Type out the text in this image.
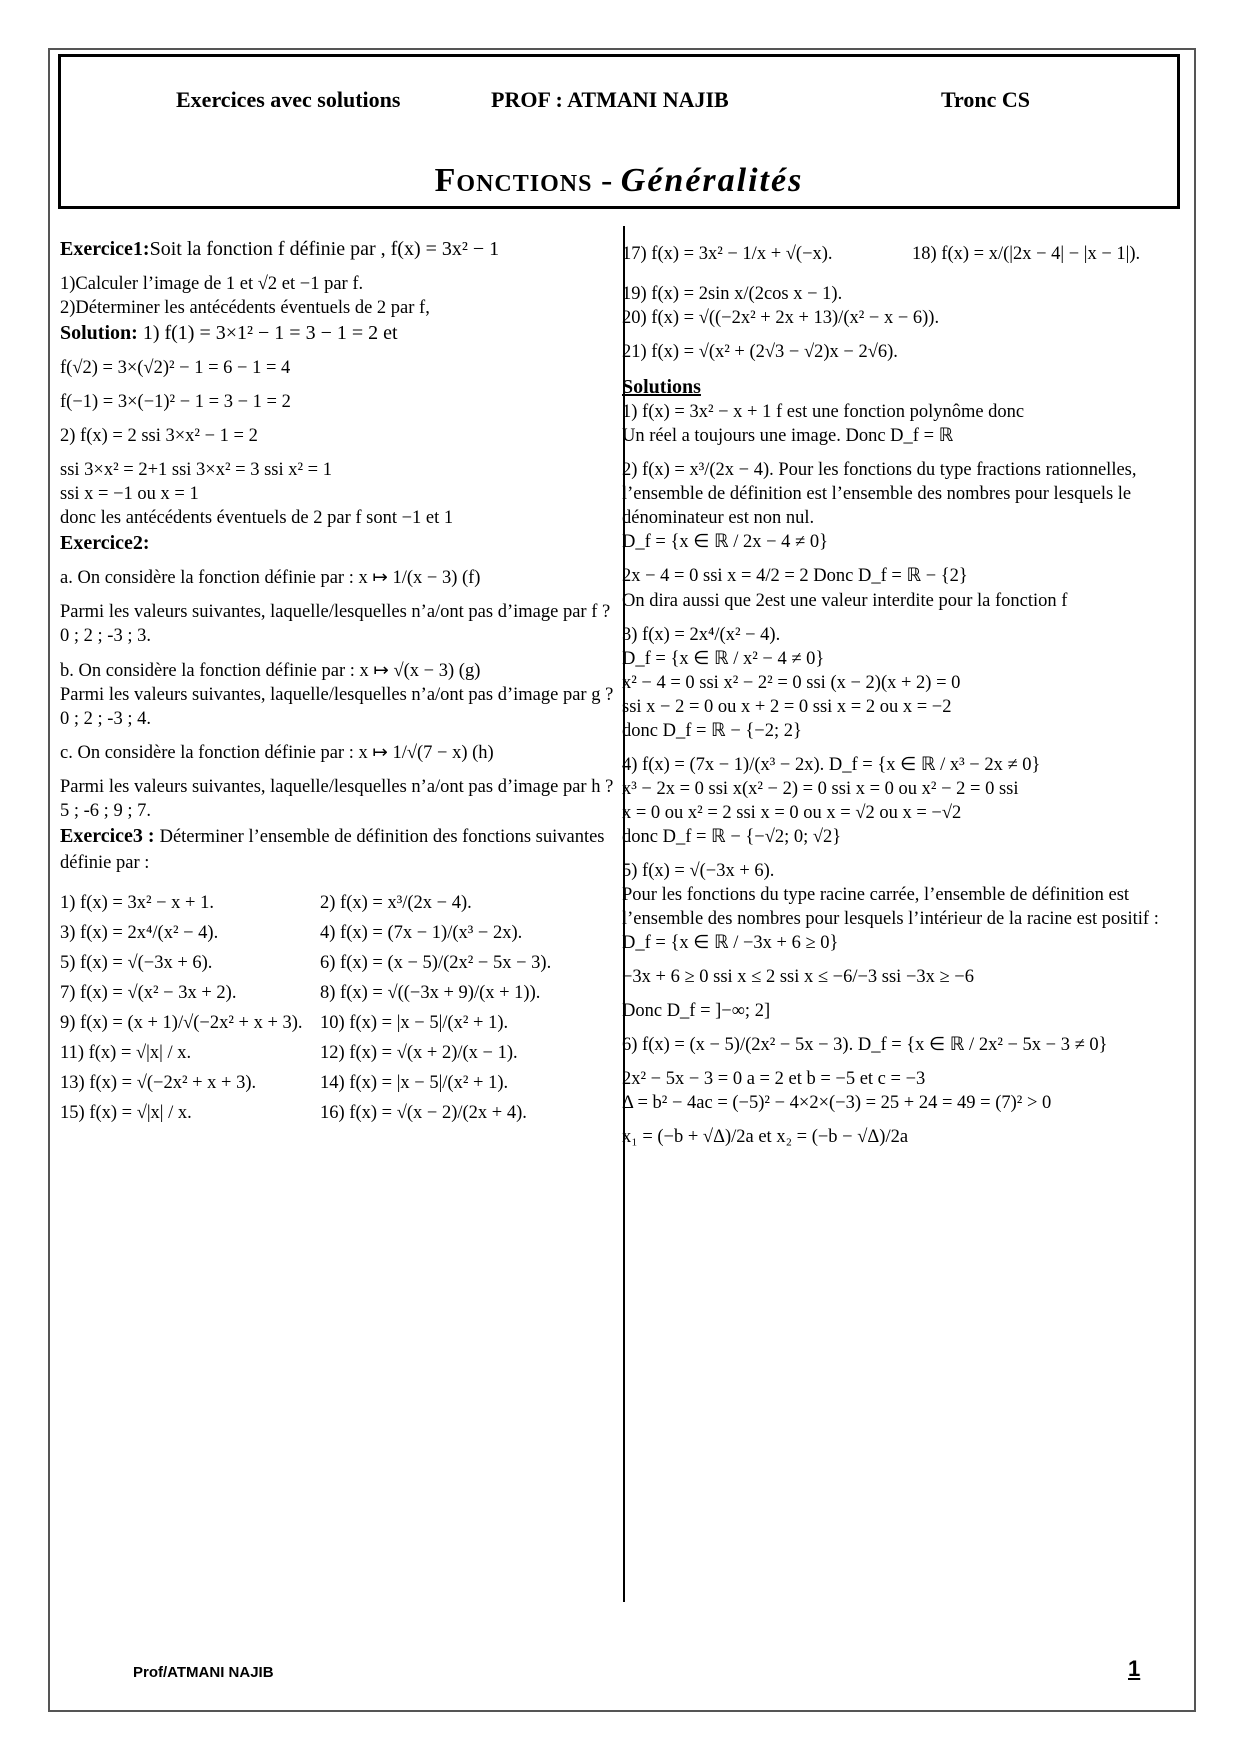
Exercices avec solutions	PROF : ATMANI NAJIB	Tronc CS
Fonctions - Généralités

Exercice1:Soit la fonction f définie par , f(x) = 3x² − 1

1)Calculer l’image de 1 et √2 et −1 par f.

2)Déterminer les antécédents éventuels de 2 par f,

Solution: 1) f(1) = 3×1² − 1 = 3 − 1 = 2 et

f(√2) = 3×(√2)² − 1 = 6 − 1 = 4

f(−1) = 3×(−1)² − 1 = 3 − 1 = 2

2) f(x) = 2 ssi 3×x² − 1 = 2

ssi 3×x² = 2+1 ssi 3×x² = 3 ssi x² = 1

ssi x = −1 ou x = 1

donc les antécédents éventuels de 2 par f sont −1 et 1

Exercice2:

a. On considère la fonction définie par : x ↦ 1/(x − 3) (f)

Parmi les valeurs suivantes, laquelle/lesquelles n’a/ont pas d’image par f ? 0 ; 2 ; -3 ; 3.

b. On considère la fonction définie par : x ↦ √(x − 3) (g)

Parmi les valeurs suivantes, laquelle/lesquelles n’a/ont pas d’image par g ? 0 ; 2 ; -3 ; 4.

c. On considère la fonction définie par : x ↦ 1/√(7 − x) (h)

Parmi les valeurs suivantes, laquelle/lesquelles n’a/ont pas d’image par h ? 5 ; -6 ; 9 ; 7.

Exercice3 : Déterminer l’ensemble de définition des fonctions suivantes définie par :

1) f(x) = 3x² − x + 1.	2) f(x) = x³/(2x − 4).
3) f(x) = 2x⁴/(x² − 4).	4) f(x) = (7x − 1)/(x³ − 2x).
5) f(x) = √(−3x + 6).	6) f(x) = (x − 5)/(2x² − 5x − 3).
7) f(x) = √(x² − 3x + 2).	8) f(x) = √((−3x + 9)/(x + 1)).
9) f(x) = (x + 1)/√(−2x² + x + 3). 10) f(x) = |x − 5|/(x² + 1).
11) f(x) = √|x| / x.	12) f(x) = √(x + 2)/(x − 1).
13) f(x) = √(−2x² + x + 3).	14) f(x) = |x − 5|/(x² + 1).
15) f(x) = √|x| / x.	16) f(x) = √(x − 2)/(2x + 4).
17) f(x) = 3x² − 1/x + √(−x).	18) f(x) = x/(|2x − 4| − |x − 1|).

19) f(x) = 2sin x/(2cos x − 1).

20) f(x) = √((−2x² + 2x + 13)/(x² − x − 6)).

21) f(x) = √(x² + (2√3 − √2)x − 2√6).

Solutions

1) f(x) = 3x² − x + 1 f est une fonction polynôme donc

Un réel a toujours une image. Donc D_f = ℝ

2) f(x) = x³/(2x − 4). Pour les fonctions du type fractions rationnelles, l’ensemble de définition est l’ensemble des nombres pour lesquels le dénominateur est non nul.

D_f = {x ∈ ℝ / 2x − 4 ≠ 0}

2x − 4 = 0 ssi x = 4/2 = 2 Donc D_f = ℝ − {2}

On dira aussi que 2est une valeur interdite pour la fonction f

3) f(x) = 2x⁴/(x² − 4).

D_f = {x ∈ ℝ / x² − 4 ≠ 0}

x² − 4 = 0 ssi x² − 2² = 0 ssi (x − 2)(x + 2) = 0

ssi x − 2 = 0 ou x + 2 = 0 ssi x = 2 ou x = −2

donc D_f = ℝ − {−2; 2}

4) f(x) = (7x − 1)/(x³ − 2x). D_f = {x ∈ ℝ / x³ − 2x ≠ 0}

x³ − 2x = 0 ssi x(x² − 2) = 0 ssi x = 0 ou x² − 2 = 0 ssi

x = 0 ou x² = 2 ssi x = 0 ou x = √2 ou x = −√2

donc D_f = ℝ − {−√2; 0; √2}

5) f(x) = √(−3x + 6).

Pour les fonctions du type racine carrée, l’ensemble de définition est l’ensemble des nombres pour lesquels l’intérieur de la racine est positif : D_f = {x ∈ ℝ / −3x + 6 ≥ 0}

−3x + 6 ≥ 0 ssi x ≤ 2 ssi x ≤ −6/−3 ssi −3x ≥ −6

Donc D_f = ]−∞; 2]

6) f(x) = (x − 5)/(2x² − 5x − 3). D_f = {x ∈ ℝ / 2x² − 5x − 3 ≠ 0}

2x² − 5x − 3 = 0 a = 2 et b = −5 et c = −3

Δ = b² − 4ac = (−5)² − 4×2×(−3) = 25 + 24 = 49 = (7)² > 0

x₁ = (−b + √Δ)/2a et x₂ = (−b − √Δ)/2a

Prof/ATMANI NAJIB	1
